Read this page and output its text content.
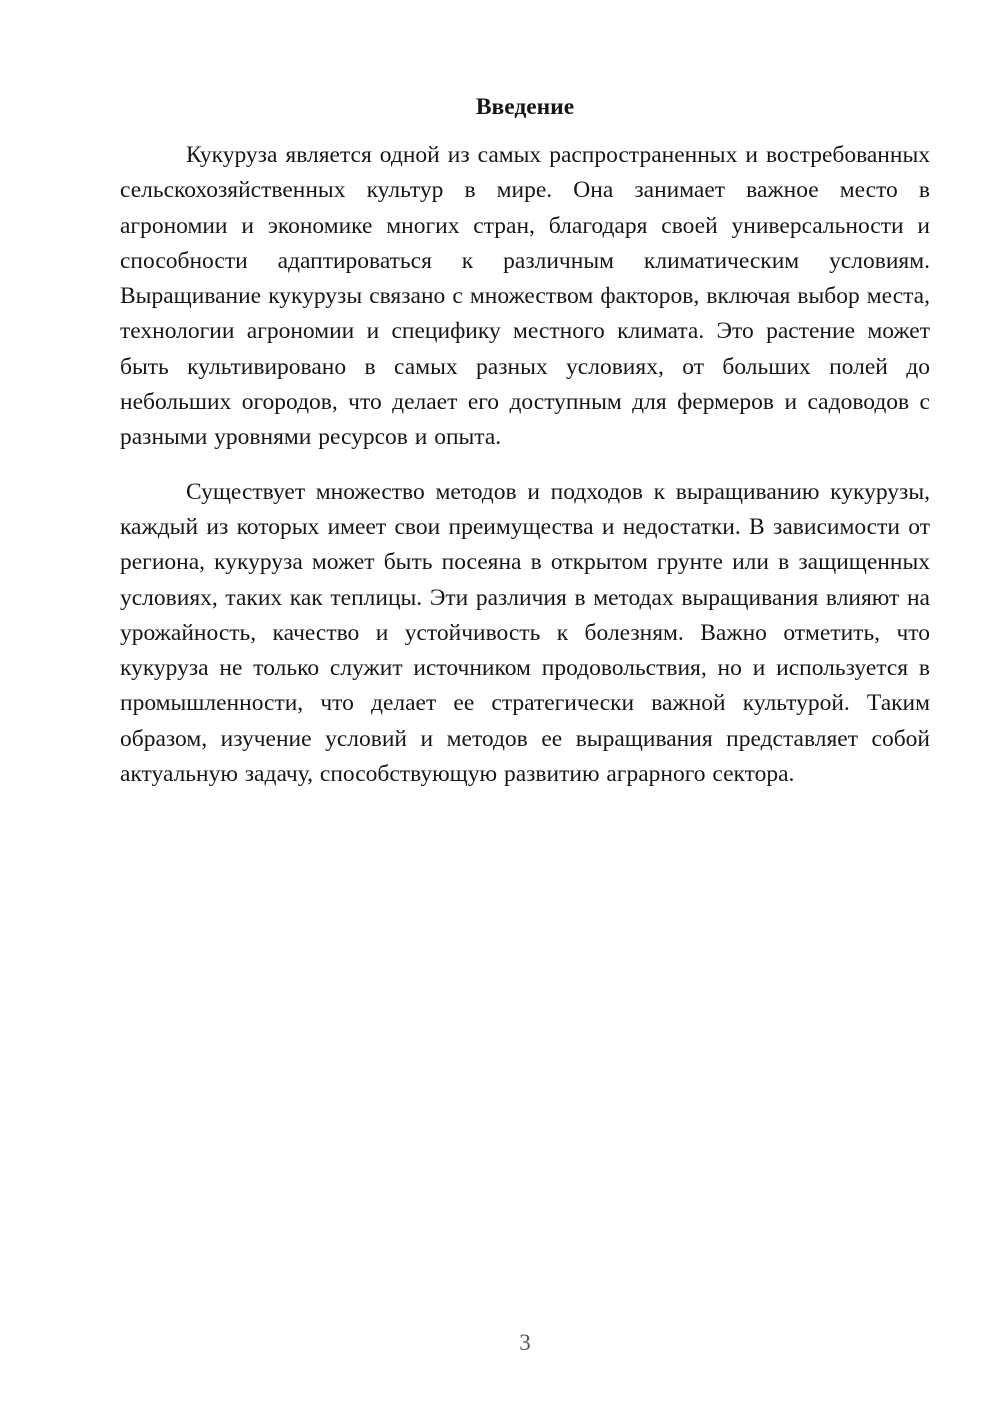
Введение

Кукуруза является одной из самых распространенных и востребованных сельскохозяйственных культур в мире. Она занимает важное место в агрономии и экономике многих стран, благодаря своей универсальности и способности адаптироваться к различным климатическим условиям. Выращивание кукурузы связано с множеством факторов, включая выбор места, технологии агрономии и специфику местного климата. Это растение может быть культивировано в самых разных условиях, от больших полей до небольших огородов, что делает его доступным для фермеров и садоводов с разными уровнями ресурсов и опыта.

Существует множество методов и подходов к выращиванию кукурузы, каждый из которых имеет свои преимущества и недостатки. В зависимости от региона, кукуруза может быть посеяна в открытом грунте или в защищенных условиях, таких как теплицы. Эти различия в методах выращивания влияют на урожайность, качество и устойчивость к болезням. Важно отметить, что кукуруза не только служит источником продовольствия, но и используется в промышленности, что делает ее стратегически важной культурой. Таким образом, изучение условий и методов ее выращивания представляет собой актуальную задачу, способствующую развитию аграрного сектора.

3
